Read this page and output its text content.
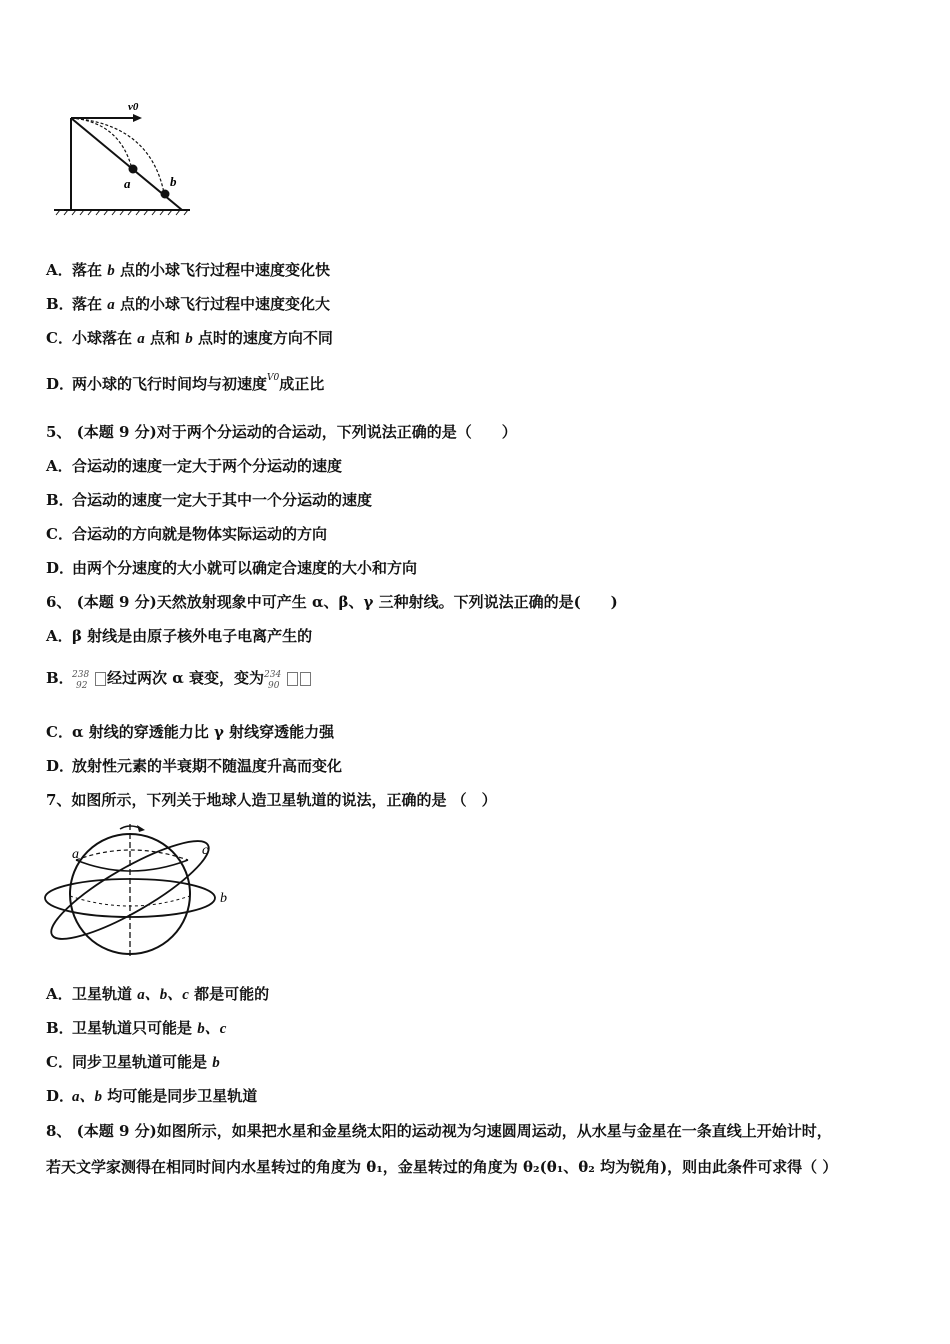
v0
a	b
A．落在 b 点的小球飞行过程中速度变化快
B．落在 a 点的小球飞行过程中速度变化大
C．小球落在 a 点和 b 点时的速度方向不同
D．两小球的飞行时间均与初速度$^{V0}$成正比
5、 (本题 9 分)对于两个分运动的合运动，下列说法正确的是（　　）
A．合运动的速度一定大于两个分运动的速度
B．合运动的速度一定大于其中一个分运动的速度
C．合运动的方向就是物体实际运动的方向
D．由两个分速度的大小就可以确定合速度的大小和方向
6、 (本题 9 分)天然放射现象中可产生 α、β、γ 三种射线。下列说法正确的是(　　)
A．β 射线是由原子核外电子电离产生的
B．
238
92 经过两次 α 衰变，变为 234
90
C．α 射线的穿透能力比 γ 射线穿透能力强
D．放射性元素的半衰期不随温度升高而变化
7、如图所示，下列关于地球人造卫星轨道的说法，正确的是 （　）
a	c
b
A．卫星轨道 a、b、c 都是可能的
B．卫星轨道只可能是 b、c
C．同步卫星轨道可能是 b
D．a、b 均可能是同步卫星轨道
8、 (本题 9 分)如图所示，如果把水星和金星绕太阳的运动视为匀速圆周运动，从水星与金星在一条直线上开始计时，
若天文学家测得在相同时间内水星转过的角度为 θ₁，金星转过的角度为 θ₂(θ₁、θ₂ 均为锐角)，则由此条件可求得（ ）
